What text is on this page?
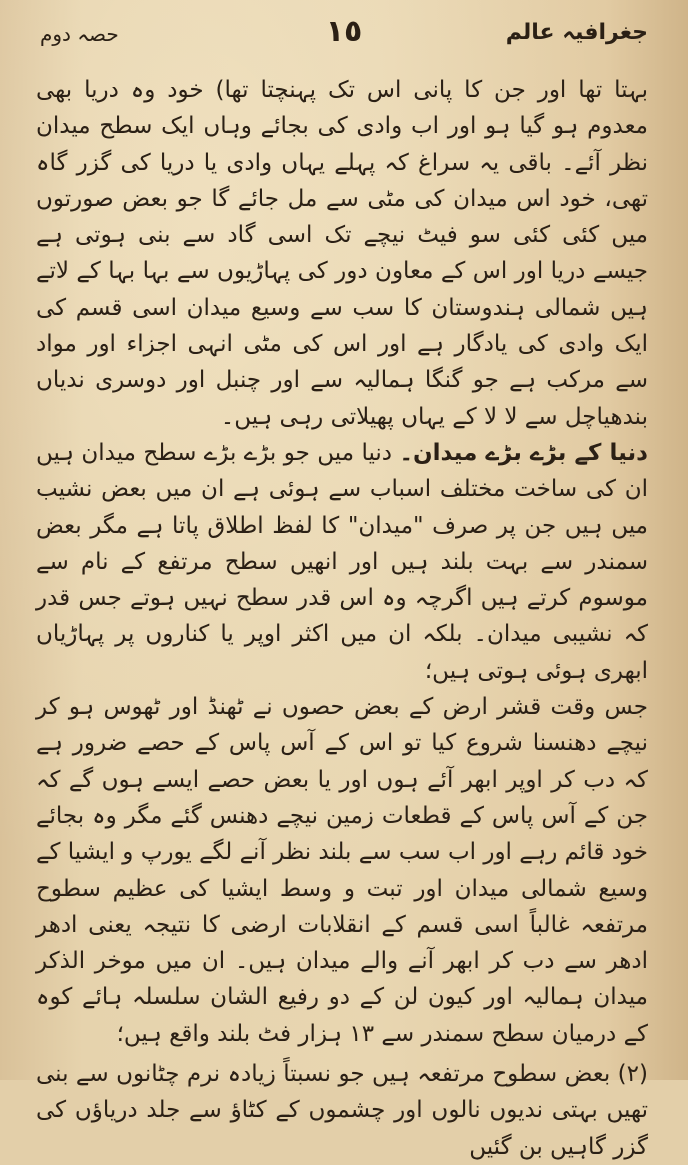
جغرافیہ عالم
١٥
حصہ دوم

بہتا تھا اور جن کا پانی اس تک پہنچتا تھا) خود وہ دریا بھی معدوم ہو گیا ہو اور اب وادی کی بجائے وہاں ایک سطح میدان نظر آئے۔ باقی یہ سراغ کہ پہلے یہاں وادی یا دریا کی گزر گاہ تھی، خود اس میدان کی مٹی سے مل جائے گا جو بعض صورتوں میں کئی کئی سو فیٹ نیچے تک اسی گاد سے بنی ہوتی ہے جیسے دریا اور اس کے معاون دور کی پہاڑیوں سے بہا بہا کے لاتے ہیں شمالی ہندوستان کا سب سے وسیع میدان اسی قسم کی ایک وادی کی یادگار ہے اور اس کی مٹی انہی اجزاء اور مواد سے مرکب ہے جو گنگا ہمالیہ سے اور چنبل اور دوسری ندیاں بندھیاچل سے لا لا کے یہاں پھیلاتی رہی ہیں۔

دنیا کے بڑے بڑے میدان۔ دنیا میں جو بڑے بڑے سطح میدان ہیں ان کی ساخت مختلف اسباب سے ہوئی ہے ان میں بعض نشیب میں ہیں جن پر صرف "میدان" کا لفظ اطلاق پاتا ہے مگر بعض سمندر سے بہت بلند ہیں اور انھیں سطح مرتفع کے نام سے موسوم کرتے ہیں اگرچہ وہ اس قدر سطح نہیں ہوتے جس قدر کہ نشیبی میدان۔ بلکہ ان میں اکثر اوپر یا کناروں پر پہاڑیاں ابھری ہوئی ہوتی ہیں؛

جس وقت قشر ارض کے بعض حصوں نے ٹھنڈ اور ٹھوس ہو کر نیچے دھنسنا شروع کیا تو اس کے آس پاس کے حصے ضرور ہے کہ دب کر اوپر ابھر آئے ہوں اور یا بعض حصے ایسے ہوں گے کہ جن کے آس پاس کے قطعات زمین نیچے دھنس گئے مگر وہ بجائے خود قائم رہے اور اب سب سے بلند نظر آنے لگے یورپ و ایشیا کے وسیع شمالی میدان اور تبت و وسط ایشیا کی عظیم سطوح مرتفعہ غالباً اسی قسم کے انقلابات ارضی کا نتیجہ یعنی ادھر ادھر سے دب کر ابھر آنے والے میدان ہیں۔ ان میں موخر الذکر میدان ہمالیہ اور کیون لن کے دو رفیع الشان سلسلہ ہائے کوہ کے درمیان سطح سمندر سے ١٣ ہزار فٹ بلند واقع ہیں؛

(٢) بعض سطوح مرتفعہ ہیں جو نسبتاً زیادہ نرم چٹانوں سے بنی تھیں بہتی ندیوں نالوں اور چشموں کے کٹاؤ سے جلد دریاؤں کی گزر گاہیں بن گئیں
